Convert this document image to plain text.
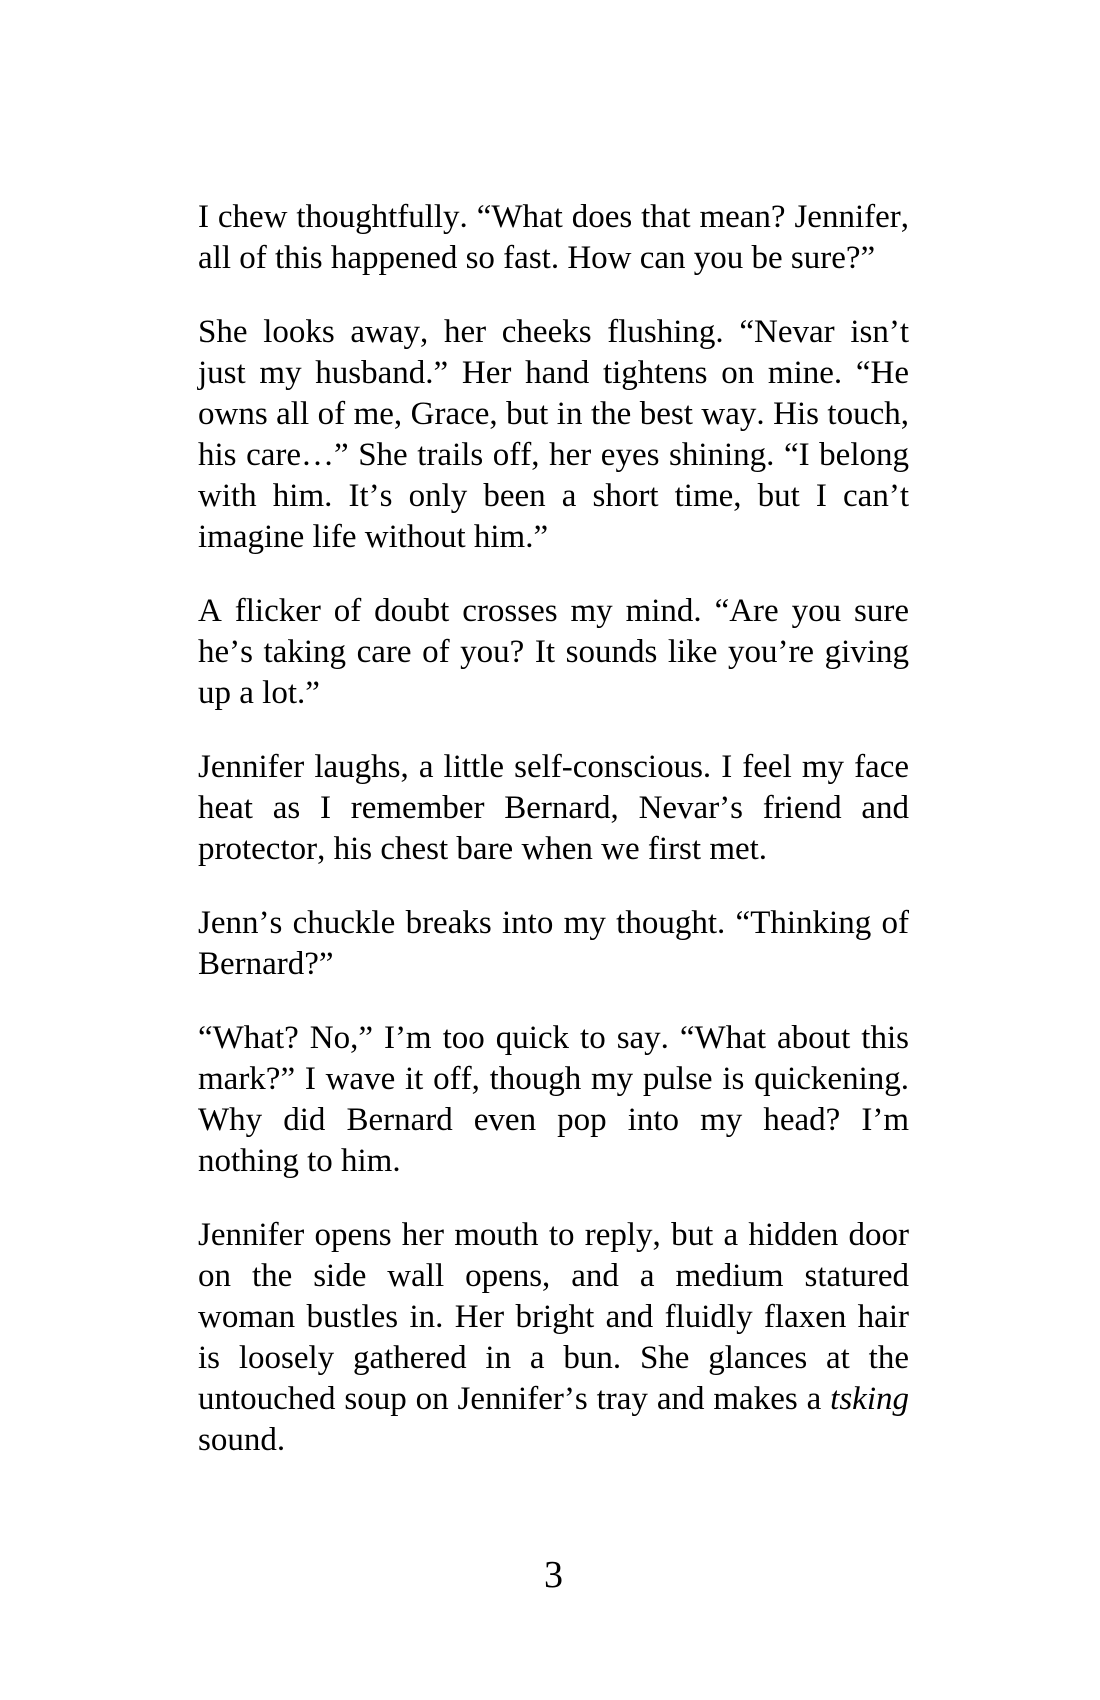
I chew thoughtfully. “What does that mean? Jennifer, all of this happened so fast. How can you be sure?”

She looks away, her cheeks flushing. “Nevar isn’t just my husband.” Her hand tightens on mine. “He owns all of me, Grace, but in the best way. His touch, his care…” She trails off, her eyes shining. “I belong with him. It’s only been a short time, but I can’t imagine life without him.”

A flicker of doubt crosses my mind. “Are you sure he’s taking care of you? It sounds like you’re giving up a lot.”

Jennifer laughs, a little self-conscious. I feel my face heat as I remember Bernard, Nevar’s friend and protector, his chest bare when we first met.

Jenn’s chuckle breaks into my thought. “Thinking of Bernard?”

“What? No,” I’m too quick to say. “What about this mark?” I wave it off, though my pulse is quickening. Why did Bernard even pop into my head? I’m nothing to him.

Jennifer opens her mouth to reply, but a hidden door on the side wall opens, and a medium statured woman bustles in. Her bright and fluidly flaxen hair is loosely gathered in a bun. She glances at the untouched soup on Jennifer’s tray and makes a tsking sound.

3
